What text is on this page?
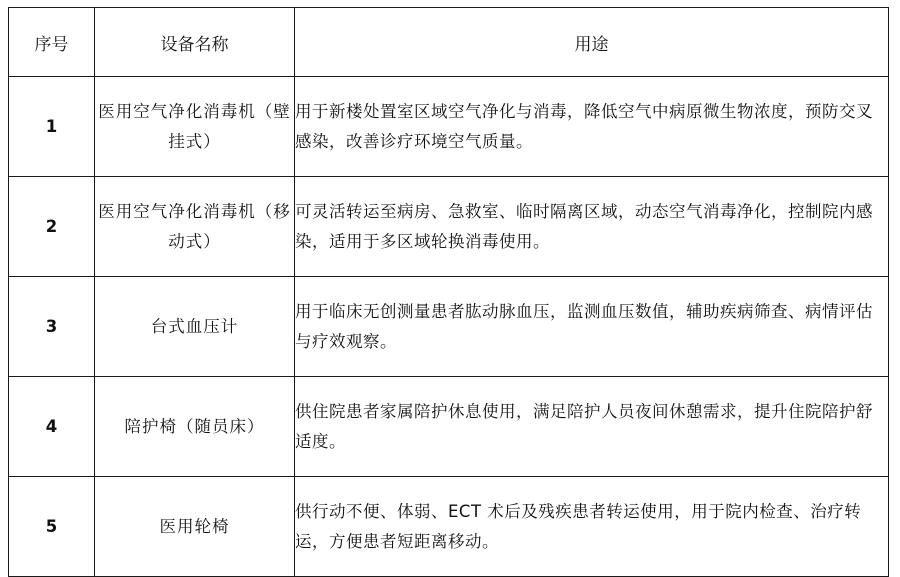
序号	设备名称	用途
1	医用空气净化消毒机（壁挂式）	用于新楼处置室区域空气净化与消毒，降低空气中病原微生物浓度，预防交叉感染，改善诊疗环境空气质量。
2	医用空气净化消毒机（移动式）	可灵活转运至病房、急救室、临时隔离区域，动态空气消毒净化，控制院内感染，适用于多区域轮换消毒使用。
3	台式血压计	用于临床无创测量患者肱动脉血压，监测血压数值，辅助疾病筛查、病情评估与疗效观察。
4	陪护椅（随员床）	供住院患者家属陪护休息使用，满足陪护人员夜间休憩需求，提升住院陪护舒适度。
5	医用轮椅	供行动不便、体弱、ECT 术后及残疾患者转运使用，用于院内检查、治疗转运，方便患者短距离移动。
